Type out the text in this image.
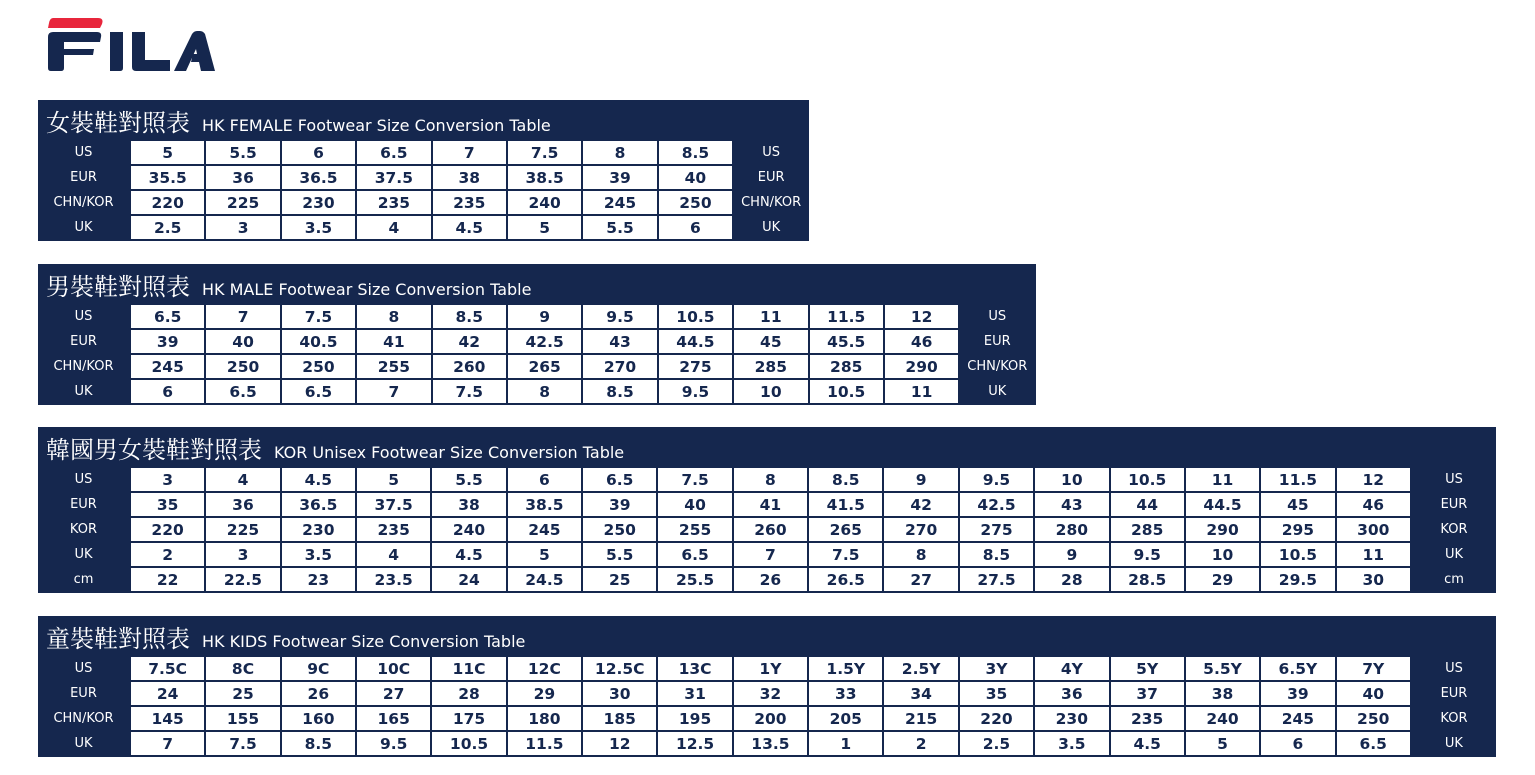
女裝鞋對照表 HK FEMALE Footwear Size Conversion Table
US	5	5.5	6	6.5	7	7.5	8	8.5	US
EUR	35.5	36	36.5	37.5	38	38.5	39	40	EUR
CHN/KOR	220	225	230	235	235	240	245	250	CHN/KOR
UK	2.5	3	3.5	4	4.5	5	5.5	6	UK
男裝鞋對照表 HK MALE Footwear Size Conversion Table
US	6.5	7	7.5	8	8.5	9	9.5	10.5	11	11.5	12	US
EUR	39	40	40.5	41	42	42.5	43	44.5	45	45.5	46	EUR
CHN/KOR	245	250	250	255	260	265	270	275	285	285	290	CHN/KOR
UK	6	6.5	6.5	7	7.5	8	8.5	9.5	10	10.5	11	UK
韓國男女裝鞋對照表 KOR Unisex Footwear Size Conversion Table
US	3	4	4.5	5	5.5	6	6.5	7.5	8	8.5	9	9.5	10	10.5	11	11.5	12	US
EUR	35	36	36.5	37.5	38	38.5	39	40	41	41.5	42	42.5	43	44	44.5	45	46	EUR
KOR	220	225	230	235	240	245	250	255	260	265	270	275	280	285	290	295	300	KOR
UK	2	3	3.5	4	4.5	5	5.5	6.5	7	7.5	8	8.5	9	9.5	10	10.5	11	UK
cm	22	22.5	23	23.5	24	24.5	25	25.5	26	26.5	27	27.5	28	28.5	29	29.5	30	cm
童裝鞋對照表 HK KIDS Footwear Size Conversion Table
US	7.5C	8C	9C	10C	11C	12C	12.5C	13C	1Y	1.5Y	2.5Y	3Y	4Y	5Y	5.5Y	6.5Y	7Y	US
EUR	24	25	26	27	28	29	30	31	32	33	34	35	36	37	38	39	40	EUR
CHN/KOR	145	155	160	165	175	180	185	195	200	205	215	220	230	235	240	245	250	KOR
UK	7	7.5	8.5	9.5	10.5	11.5	12	12.5	13.5	1	2	2.5	3.5	4.5	5	6	6.5	UK
